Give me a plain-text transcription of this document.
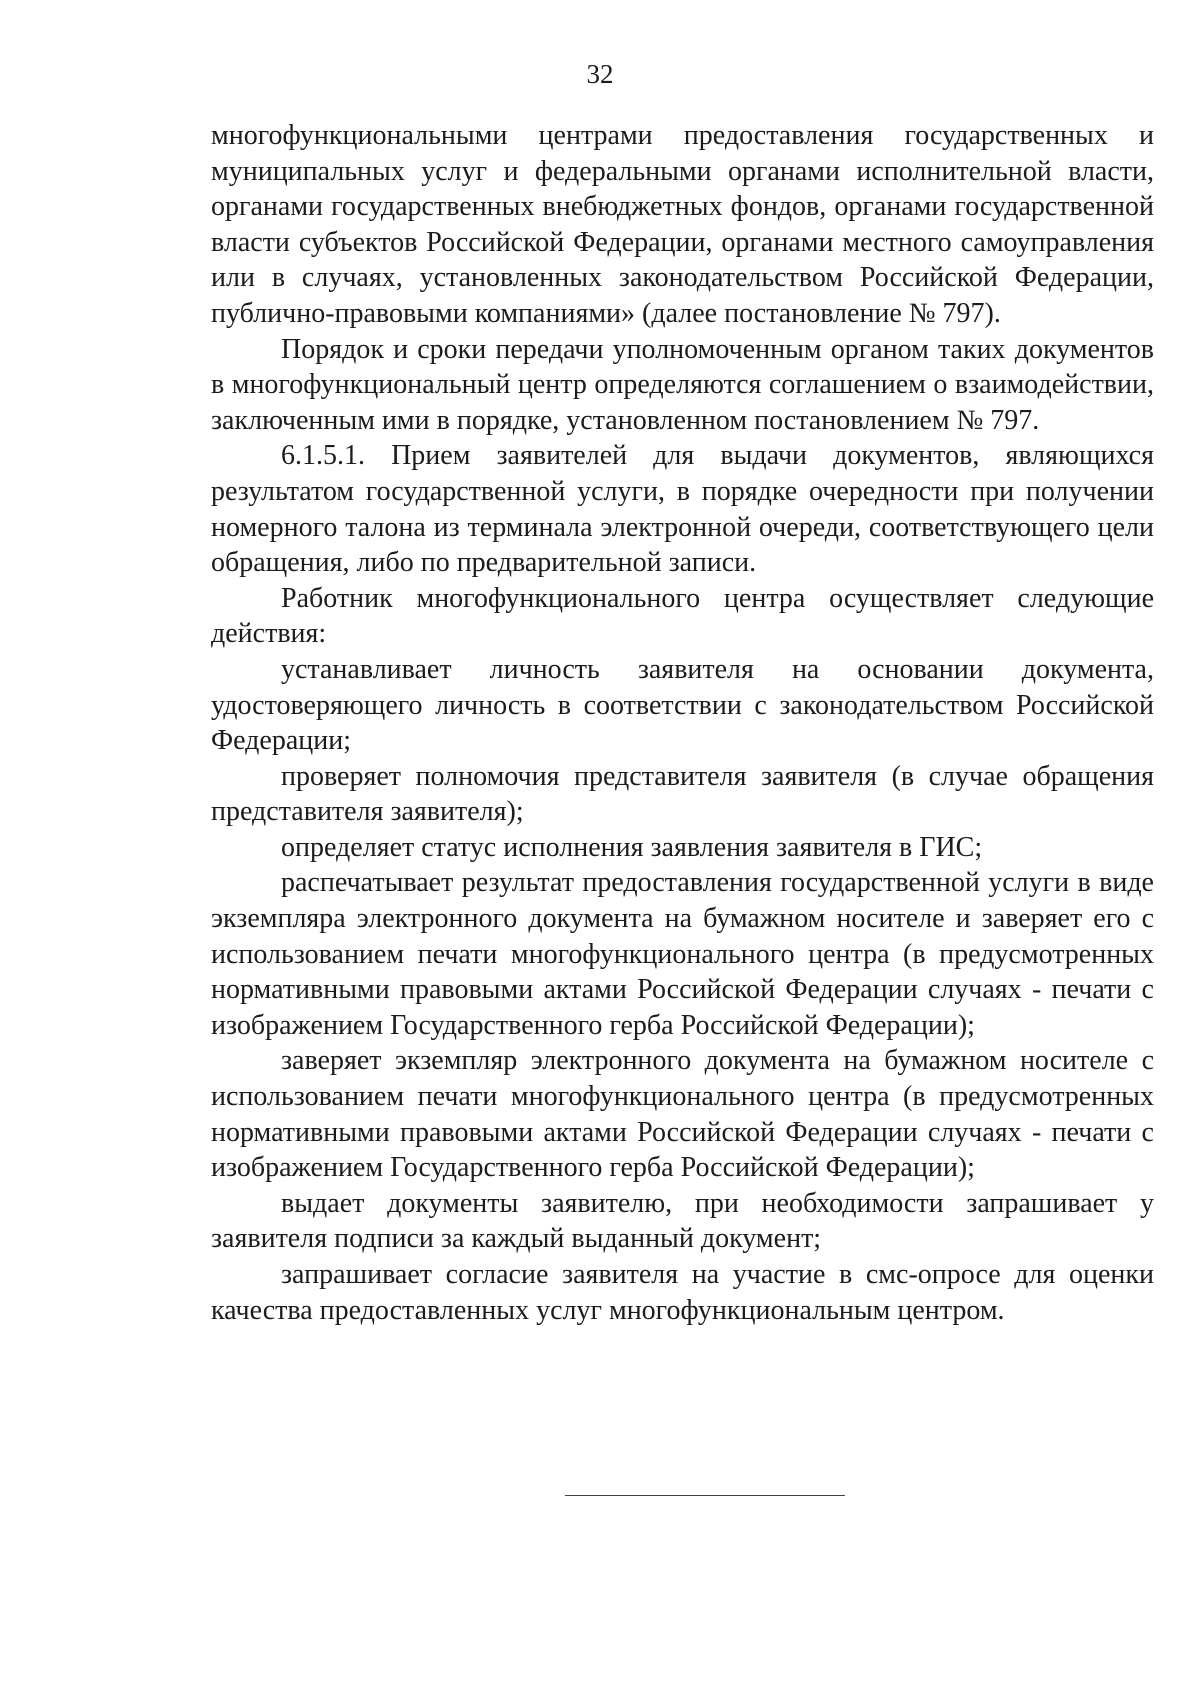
32

многофункциональными центрами предоставления государственных и муниципальных услуг и федеральными органами исполнительной власти, органами государственных внебюджетных фондов, органами государственной власти субъектов Российской Федерации, органами местного самоуправления или в случаях, установленных законодательством Российской Федерации, публично-правовыми компаниями» (далее постановление № 797).

Порядок и сроки передачи уполномоченным органом таких документов в многофункциональный центр определяются соглашением о взаимодействии, заключенным ими в порядке, установленном постановлением № 797.

6.1.5.1. Прием заявителей для выдачи документов, являющихся результатом государственной услуги, в порядке очередности при получении номерного талона из терминала электронной очереди, соответствующего цели обращения, либо по предварительной записи.

Работник многофункционального центра осуществляет следующие действия:

устанавливает личность заявителя на основании документа, удостоверяющего личность в соответствии с законодательством Российской Федерации;

проверяет полномочия представителя заявителя (в случае обращения представителя заявителя);

определяет статус исполнения заявления заявителя в ГИС;

распечатывает результат предоставления государственной услуги в виде экземпляра электронного документа на бумажном носителе и заверяет его с использованием печати многофункционального центра (в предусмотренных нормативными правовыми актами Российской Федерации случаях - печати с изображением Государственного герба Российской Федерации);

заверяет экземпляр электронного документа на бумажном носителе с использованием печати многофункционального центра (в предусмотренных нормативными правовыми актами Российской Федерации случаях - печати с изображением Государственного герба Российской Федерации);

выдает документы заявителю, при необходимости запрашивает у заявителя подписи за каждый выданный документ;

запрашивает согласие заявителя на участие в смс-опросе для оценки качества предоставленных услуг многофункциональным центром.
